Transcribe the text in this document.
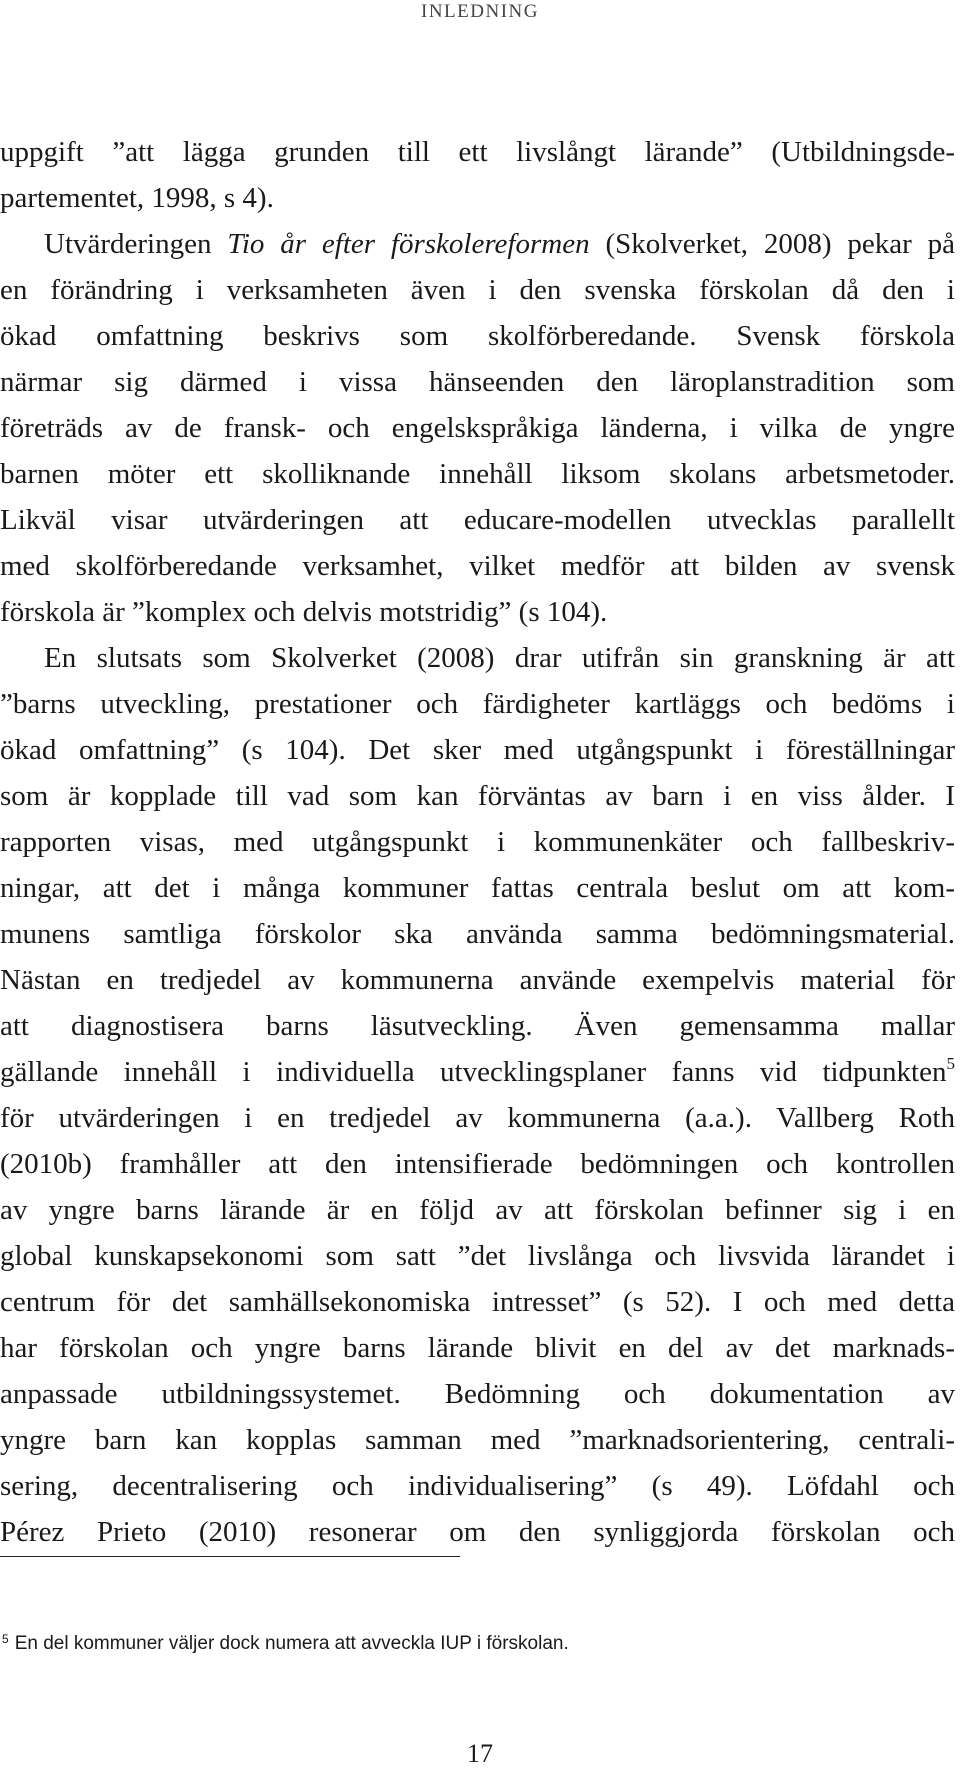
INLEDNING
uppgift ”att lägga grunden till ett livslångt lärande” (Utbildningsde-
partementet, 1998, s 4).
Utvärderingen Tio år efter förskolereformen (Skolverket, 2008) pekar på
en förändring i verksamheten även i den svenska förskolan då den i
ökad omfattning beskrivs som skolförberedande. Svensk förskola
närmar sig därmed i vissa hänseenden den läroplanstradition som
företräds av de fransk- och engelskspråkiga länderna, i vilka de yngre
barnen möter ett skolliknande innehåll liksom skolans arbetsmetoder.
Likväl visar utvärderingen att educare-modellen utvecklas parallellt
med skolförberedande verksamhet, vilket medför att bilden av svensk
förskola är ”komplex och delvis motstridig” (s 104).
En slutsats som Skolverket (2008) drar utifrån sin granskning är att
”barns utveckling, prestationer och färdigheter kartläggs och bedöms i
ökad omfattning” (s 104). Det sker med utgångspunkt i föreställningar
som är kopplade till vad som kan förväntas av barn i en viss ålder. I
rapporten visas, med utgångspunkt i kommunenkäter och fallbeskriv-
ningar, att det i många kommuner fattas centrala beslut om att kom-
munens samtliga förskolor ska använda samma bedömningsmaterial.
Nästan en tredjedel av kommunerna använde exempelvis material för
att diagnostisera barns läsutveckling. Även gemensamma mallar
gällande innehåll i individuella utvecklingsplaner fanns vid tidpunkten$^5$
för utvärderingen i en tredjedel av kommunerna (a.a.). Vallberg Roth
(2010b) framhåller att den intensifierade bedömningen och kontrollen
av yngre barns lärande är en följd av att förskolan befinner sig i en
global kunskapsekonomi som satt ”det livslånga och livsvida lärandet i
centrum för det samhällsekonomiska intresset” (s 52). I och med detta
har förskolan och yngre barns lärande blivit en del av det marknads-
anpassade utbildningssystemet. Bedömning och dokumentation av
yngre barn kan kopplas samman med ”marknadsorientering, centrali-
sering, decentralisering och individualisering” (s 49). Löfdahl och
Pérez Prieto (2010) resonerar om den synliggjorda förskolan och
$^5$ En del kommuner väljer dock numera att avveckla IUP i förskolan.
17
